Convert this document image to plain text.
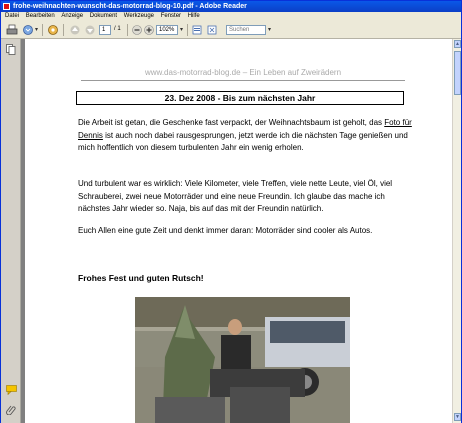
frohe-weihnachten-wunscht-das-motorrad-blog-10.pdf - Adobe Reader
Datei Bearbeiten Anzeige Dokument Werkzeuge Fenster Hilfe
▾	1	/ 1	102% ▾	Suchen	▾
www.das-motorrad-blog.de – Ein Leben auf Zweirädern
23. Dez 2008 - Bis zum nächsten Jahr

Die Arbeit ist getan, die Geschenke fast verpackt, der Weihnachtsbaum ist geholt, das Foto für Dennis ist auch noch dabei rausgesprungen, jetzt werde ich die nächsten Tage genießen und mich hoffentlich von diesem turbulenten Jahr ein wenig erholen.

Und turbulent war es wirklich: Viele Kilometer, viele Treffen, viele nette Leute, viel Öl, viel Schrauberei, zwei neue Motorräder und eine neue Freundin. Ich glaube das mache ich nächstes Jahr wieder so. Naja, bis auf das mit der Freundin natürlich.

Euch Allen eine gute Zeit und denkt immer daran: Motorräder sind cooler als Autos.

Frohes Fest und guten Rutsch!
▲
▼
